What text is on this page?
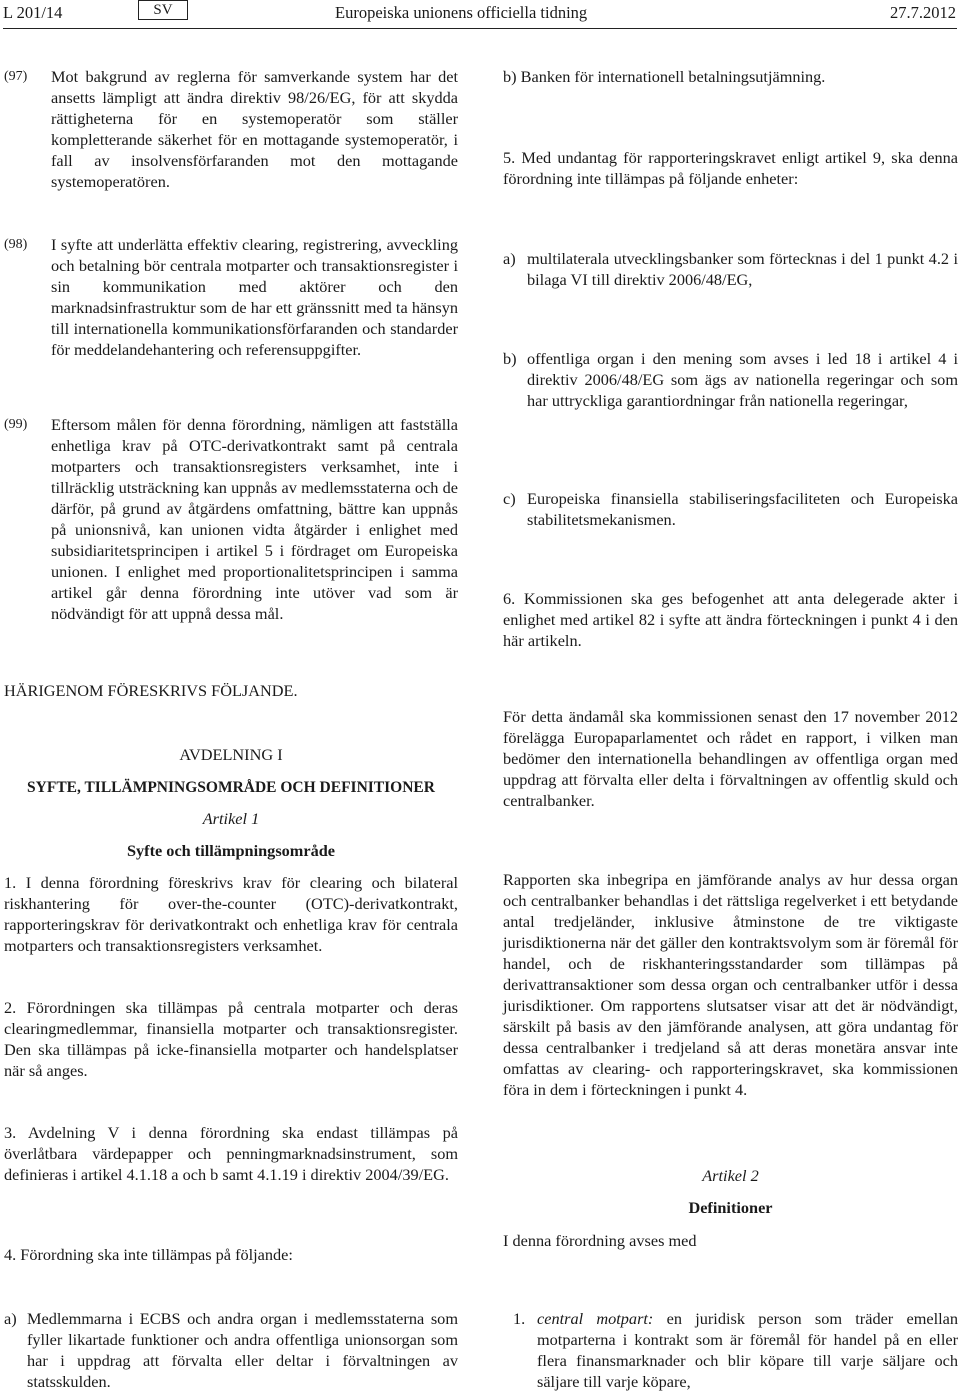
L 201/14	SV	Europeiska unionens officiella tidning	27.7.2012
(97) Mot bakgrund av reglerna för samverkande system har det ansetts lämpligt att ändra direktiv 98/26/EG, för att skydda rättigheterna för en systemoperatör som ställer kompletterande säkerhet för en mottagande systemoperatör, i fall av insolvensförfaranden mot den mottagande systemoperatören.
b) Banken för internationell betalningsutjämning.
5. Med undantag för rapporteringskravet enligt artikel 9, ska denna förordning inte tillämpas på följande enheter:
(98) I syfte att underlätta effektiv clearing, registrering, avveckling och betalning bör centrala motparter och transaktionsregister i sin kommunikation med aktörer och den marknadsinfrastruktur som de har ett gränssnitt med ta hänsyn till internationella kommunikationsförfaranden och standarder för meddelandehantering och referensuppgifter.
a) multilaterala utvecklingsbanker som förtecknas i del 1 punkt 4.2 i bilaga VI till direktiv 2006/48/EG,
b) offentliga organ i den mening som avses i led 18 i artikel 4 i direktiv 2006/48/EG som ägs av nationella regeringar och som har uttryckliga garantiordningar från nationella regeringar,
c) Europeiska finansiella stabiliseringsfaciliteten och Europeiska stabilitetsmekanismen.
6. Kommissionen ska ges befogenhet att anta delegerade akter i enlighet med artikel 82 i syfte att ändra förteckningen i punkt 4 i den här artikeln.
(99) Eftersom målen för denna förordning, nämligen att fastställa enhetliga krav på OTC-derivatkontrakt samt på centrala motparters och transaktionsregisters verksamhet, inte i tillräcklig utsträckning kan uppnås av medlemsstaterna och de därför, på grund av åtgärdens omfattning, bättre kan uppnås på unionsnivå, kan unionen vidta åtgärder i enlighet med subsidiaritetsprincipen i artikel 5 i fördraget om Europeiska unionen. I enlighet med proportionalitetsprincipen i samma artikel går denna förordning inte utöver vad som är nödvändigt för att uppnå dessa mål.
HÄRIGENOM FÖRESKRIVS FÖLJANDE.
AVDELNING I
SYFTE, TILLÄMPNINGSOMRÅDE OCH DEFINITIONER
Artikel 1
Syfte och tillämpningsområde
1. I denna förordning föreskrivs krav för clearing och bilateral riskhantering för over-the-counter (OTC)-derivatkontrakt, rapporteringskrav för derivatkontrakt och enhetliga krav för centrala motparters och transaktionsregisters verksamhet.
2. Förordningen ska tillämpas på centrala motparter och deras clearingmedlemmar, finansiella motparter och transaktionsregister. Den ska tillämpas på icke-finansiella motparter och handelsplatser när så anges.
3. Avdelning V i denna förordning ska endast tillämpas på överlåtbara värdepapper och penningmarknadsinstrument, som definieras i artikel 4.1.18 a och b samt 4.1.19 i direktiv 2004/39/EG.
4. Förordning ska inte tillämpas på följande:
a) Medlemmarna i ECBS och andra organ i medlemsstaterna som fyller likartade funktioner och andra offentliga unionsorgan som har i uppdrag att förvalta eller deltar i förvaltningen av statsskulden.
För detta ändamål ska kommissionen senast den 17 november 2012 förelägga Europaparlamentet och rådet en rapport, i vilken man bedömer den internationella behandlingen av offentliga organ med uppdrag att förvalta eller delta i förvaltningen av offentlig skuld och centralbanker.
Rapporten ska inbegripa en jämförande analys av hur dessa organ och centralbanker behandlas i det rättsliga regelverket i ett betydande antal tredjeländer, inklusive åtminstone de tre viktigaste jurisdiktionerna när det gäller den kontraktsvolym som är föremål för handel, och de riskhanteringsstandarder som tillämpas på derivattransaktioner som dessa organ och centralbanker utför i dessa jurisdiktioner. Om rapportens slutsatser visar att det är nödvändigt, särskilt på basis av den jämförande analysen, att göra undantag för dessa centralbanker i tredjeland så att deras monetära ansvar inte omfattas av clearing- och rapporteringskravet, ska kommissionen föra in dem i förteckningen i punkt 4.
Artikel 2
Definitioner
I denna förordning avses med
1. central motpart: en juridisk person som träder emellan motparterna i kontrakt som är föremål för handel på en eller flera finansmarknader och blir köpare till varje säljare och säljare till varje köpare,
